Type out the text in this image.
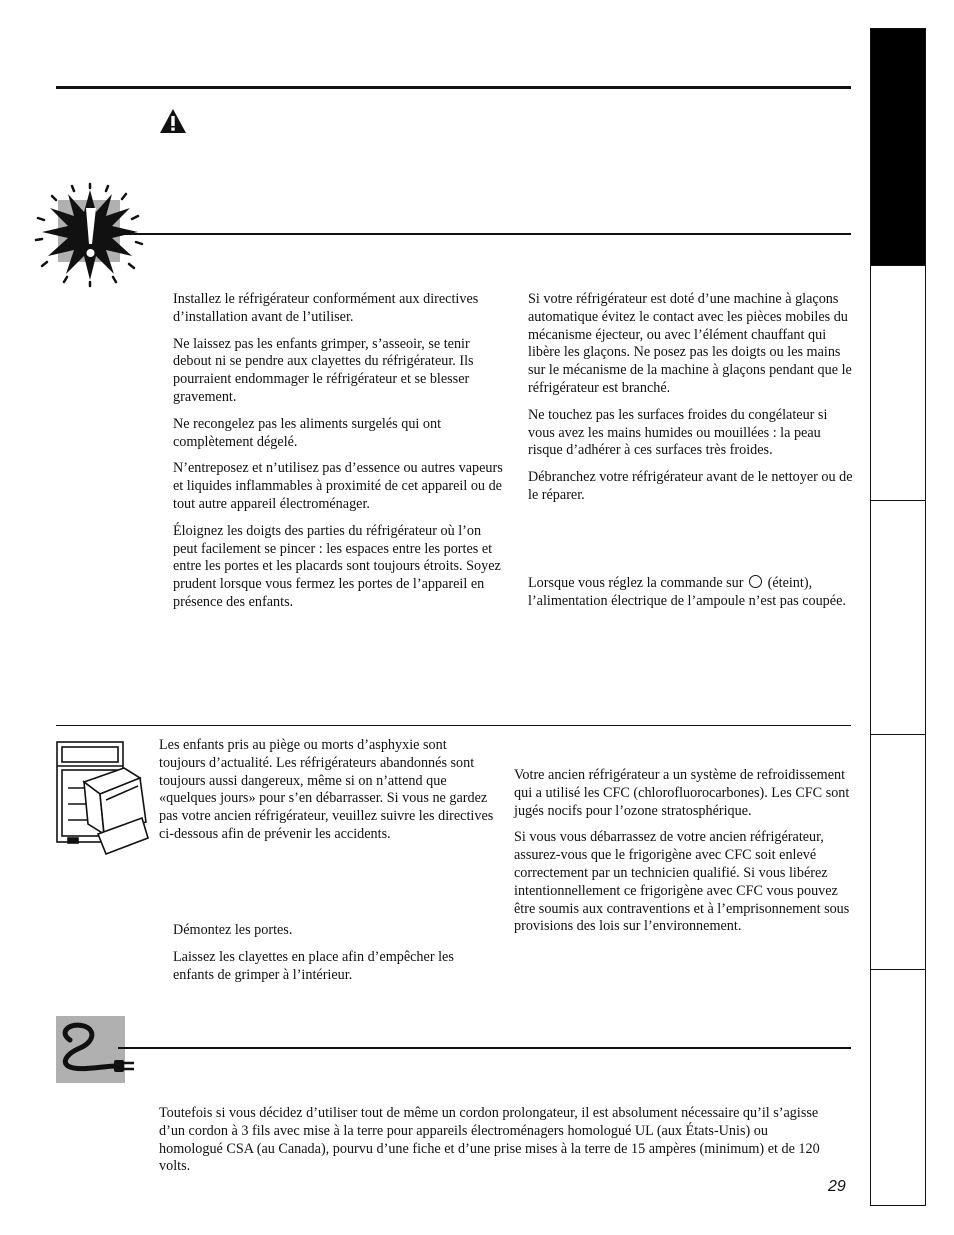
Installez le réfrigérateur conformément aux directives d’installation avant de l’utiliser.

Ne laissez pas les enfants grimper, s’asseoir, se tenir debout ni se pendre aux clayettes du réfrigérateur. Ils pourraient endommager le réfrigérateur et se blesser gravement.

Ne recongelez pas les aliments surgelés qui ont complètement dégelé.

N’entreposez et n’utilisez pas d’essence ou autres vapeurs et liquides inflammables à proximité de cet appareil ou de tout autre appareil électroménager.

Éloignez les doigts des parties du réfrigérateur où l’on peut facilement se pincer : les espaces entre les portes et entre les portes et les placards sont toujours étroits. Soyez prudent lorsque vous fermez les portes de l’appareil en présence des enfants.

Si votre réfrigérateur est doté d’une machine à glaçons automatique évitez le contact avec les pièces mobiles du mécanisme éjecteur, ou avec l’élément chauffant qui libère les glaçons. Ne posez pas les doigts ou les mains sur le mécanisme de la machine à glaçons pendant que le réfrigérateur est branché.

Ne touchez pas les surfaces froides du congélateur si vous avez les mains humides ou mouillées : la peau risque d’adhérer à ces surfaces très froides.

Débranchez votre réfrigérateur avant de le nettoyer ou de le réparer.

Lorsque vous réglez la commande sur (éteint), l’alimentation électrique de l’ampoule n’est pas coupée.

Les enfants pris au piège ou morts d’asphyxie sont toujours d’actualité. Les réfrigérateurs abandonnés sont toujours aussi dangereux, même si on n’attend que «quelques jours» pour s’en débarrasser. Si vous ne gardez pas votre ancien réfrigérateur, veuillez suivre les directives ci-dessous afin de prévenir les accidents.

Démontez les portes.

Laissez les clayettes en place afin d’empêcher les enfants de grimper à l’intérieur.

Votre ancien réfrigérateur a un système de refroidissement qui a utilisé les CFC (chlorofluorocarbones). Les CFC sont jugés nocifs pour l’ozone stratosphérique.

Si vous vous débarrassez de votre ancien réfrigérateur, assurez-vous que le frigorigène avec CFC soit enlevé correctement par un technicien qualifié. Si vous libérez intentionnellement ce frigorigène avec CFC vous pouvez être soumis aux contraventions et à l’emprisonnement sous provisions des lois sur l’environnement.

Toutefois si vous décidez d’utiliser tout de même un cordon prolongateur, il est absolument nécessaire qu’il s’agisse d’un cordon à 3 fils avec mise à la terre pour appareils électroménagers homologué UL (aux États-Unis) ou homologué CSA (au Canada), pourvu d’une fiche et d’une prise mises à la terre de 15 ampères (minimum) et de 120 volts.

29
